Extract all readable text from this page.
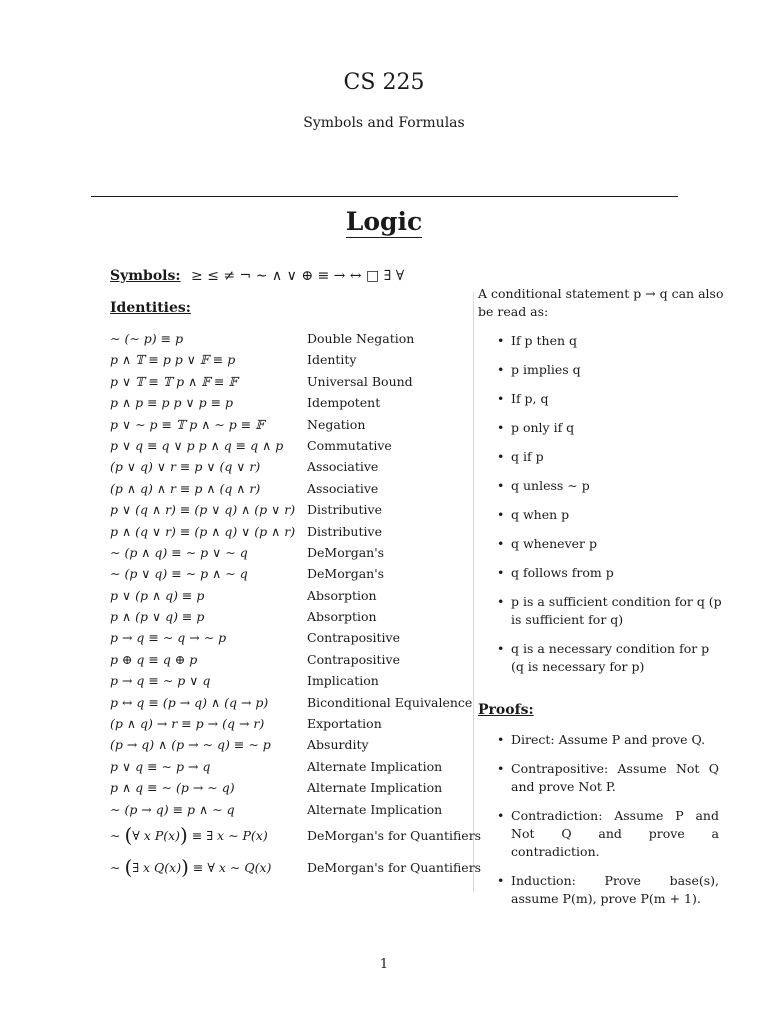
CS 225
Symbols and Formulas
Logic
Symbols: ≥ ≤ ≠ ¬ ∼ ∧ ∨ ⊕ ≡ → ↔ □ ∃ ∀
Identities:
∼ (∼ p) ≡ p	Double Negation
p ∧ 𝕋 ≡ p p ∨ 𝔽 ≡ p	Identity
p ∨ 𝕋 ≡ 𝕋 p ∧ 𝔽 ≡ 𝔽	Universal Bound
p ∧ p ≡ p p ∨ p ≡ p	Idempotent
p ∨ ∼ p ≡ 𝕋 p ∧ ∼ p ≡ 𝔽	Negation
p ∨ q ≡ q ∨ p p ∧ q ≡ q ∧ p Commutative
(p ∨ q) ∨ r ≡ p ∨ (q ∨ r)	Associative
(p ∧ q) ∧ r ≡ p ∧ (q ∧ r)	Associative
p ∨ (q ∧ r) ≡ (p ∨ q) ∧ (p ∨ r) Distributive
p ∧ (q ∨ r) ≡ (p ∧ q) ∨ (p ∧ r) Distributive
∼ (p ∧ q) ≡ ∼ p ∨ ∼ q	DeMorgan's
∼ (p ∨ q) ≡ ∼ p ∧ ∼ q	DeMorgan's
p ∨ (p ∧ q) ≡ p	Absorption
p ∧ (p ∨ q) ≡ p	Absorption
p → q ≡ ∼ q → ∼ p	Contrapositive
p ⊕ q ≡ q ⊕ p	Contrapositive
p → q ≡ ∼ p ∨ q	Implication
p ↔ q ≡ (p → q) ∧ (q → p)	Biconditional Equivalence
(p ∧ q) → r ≡ p → (q → r)	Exportation
(p → q) ∧ (p → ∼ q) ≡ ∼ p	Absurdity
p ∨ q ≡ ∼ p → q	Alternate Implication
p ∧ q ≡ ∼ (p → ∼ q)	Alternate Implication
∼ (p → q) ≡ p ∧ ∼ q	Alternate Implication
∼ (∀ x P(x)) ≡ ∃ x ∼ P(x)	DeMorgan's for Quantifiers
∼ (∃ x Q(x)) ≡ ∀ x ∼ Q(x)	DeMorgan's for Quantifiers
A conditional statement p → q can also be read as:
• If p then q
• p implies q
• If p, q
• p only if q
• q if p
• q unless ∼ p
• q when p
• q whenever p
• q follows from p
• p is a sufficient condition for q (p is sufficient for q)
• q is a necessary condition for p (q is necessary for p)
Proofs:
• Direct: Assume P and prove Q.
• Contrapositive: Assume Not Q and prove Not P.
• Contradiction: Assume P and Not Q and prove a contradiction.
• Induction: Prove base(s), assume P(m), prove P(m + 1).
1
